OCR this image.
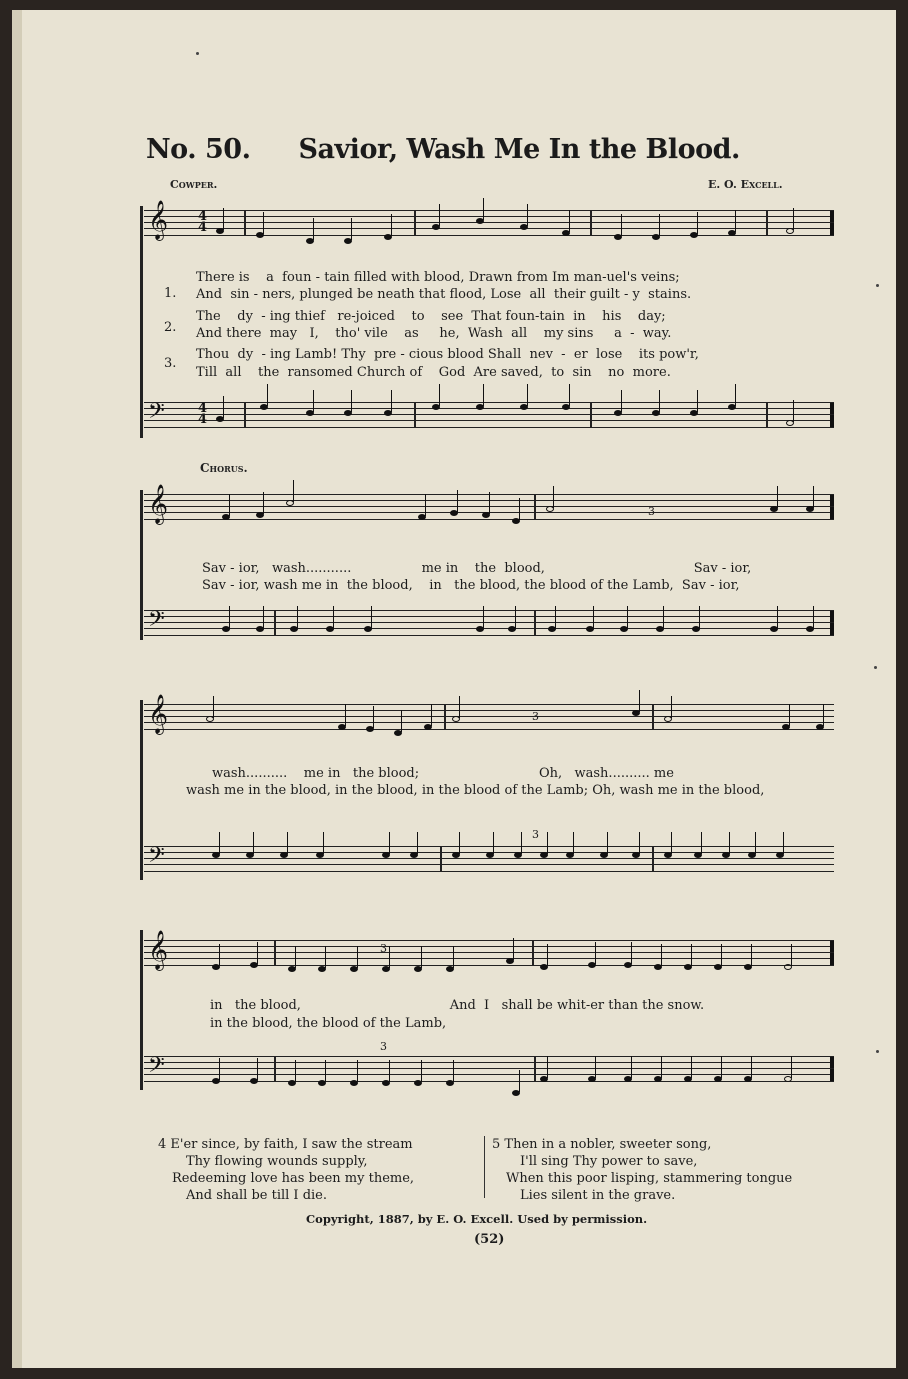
No. 50. Savior, Wash Me In the Blood.
Cowper.	E. O. Excell.
𝄞 4
4
𝄢	4
4
1.
There is    a  foun - tain filled with blood, Drawn from Im man-uel's veins;
And  sin - ners, plunged be neath that flood, Lose  all  their guilt - y  stains.
2.
The    dy  - ing thief   re-joiced    to    see  That foun-tain  in    his    day;
And there  may   I,    tho' vile    as     he,  Wash  all    my sins     a  -  way.
3.
Thou  dy  - ing Lamb! Thy  pre - cious blood Shall  nev  -  er  lose    its pow'r,
Till  all    the  ransomed Church of    God  Are saved,  to  sin    no  more.
Chorus.
𝄞
𝄢
3
Sav - ior,   wash...........                 me in    the  blood,                                    Sav - ior,
Sav - ior, wash me in  the blood,    in   the blood, the blood of the Lamb,  Sav - ior,
𝄞
𝄢
3
3
wash..........    me in   the blood;                             Oh,   wash.......... me
wash me in the blood, in the blood, in the blood of the Lamb; Oh, wash me in the blood,
𝄞
𝄢
3
3
in   the blood,                                    And  I   shall be whit-er than the snow.
in the blood, the blood of the Lamb,
4 E'er since, by faith, I saw the stream
Thy flowing wounds supply,
Redeeming love has been my theme,
And shall be till I die.
5 Then in a nobler, sweeter song,
I'll sing Thy power to save,
When this poor lisping, stammering tongue
Lies silent in the grave.
Copyright, 1887, by E. O. Excell. Used by permission.
(52)
